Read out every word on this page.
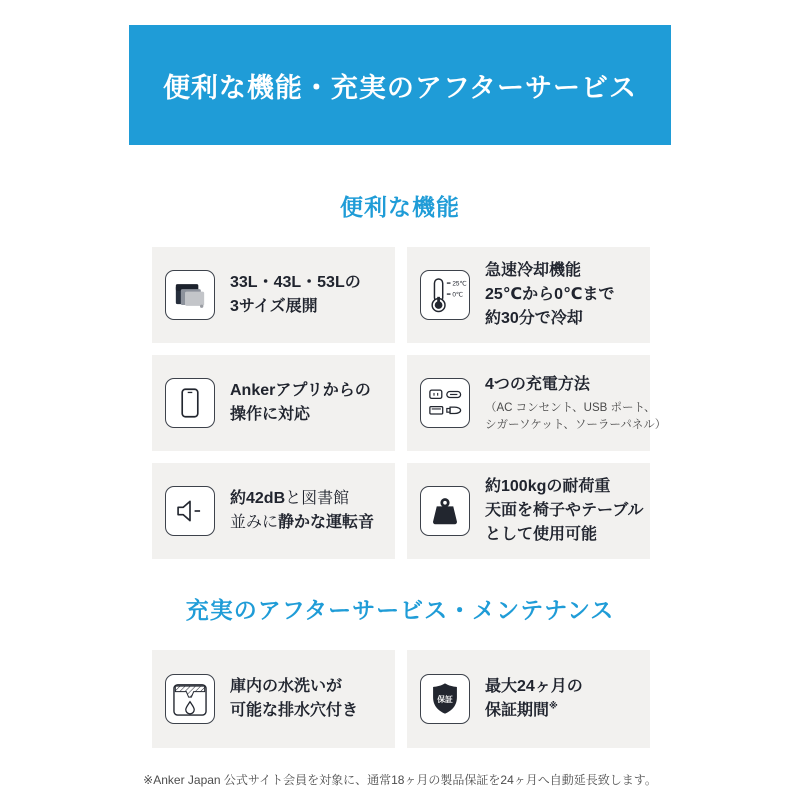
便利な機能・充実のアフターサービス
便利な機能
33L・43L・53Lの
3サイズ展開
25℃
0℃
急速冷却機能
25℃から0℃まで
約30分で冷却
Ankerアプリからの
操作に対応
4つの充電方法
（AC コンセント、USB ポート、
シガーソケット、ソーラーパネル）
約42dBと図書館
並みに静かな運転音
約100kgの耐荷重
天面を椅子やテーブル
として使用可能
充実のアフターサービス・メンテナンス
庫内の水洗いが
可能な排水穴付き
保証
最大24ヶ月の
保証期間※
※Anker Japan 公式サイト会員を対象に、通常18ヶ月の製品保証を24ヶ月へ自動延長致します。
